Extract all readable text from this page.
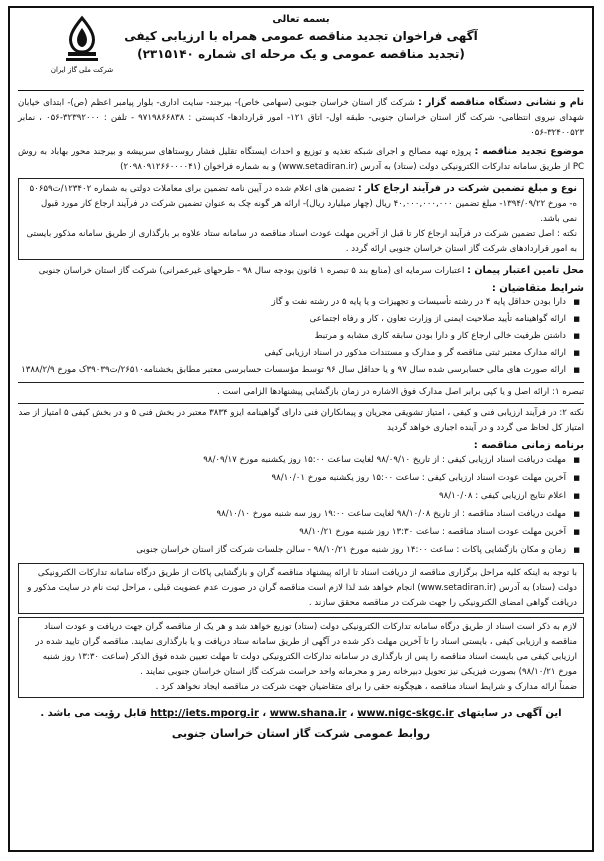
شرکت ملی گاز ایران
بسمه تعالی
آگهی فراخوان تجدید مناقصه عمومی همراه با ارزیابی کیفی
(تجدید مناقصه عمومی و یک مرحله ای شماره ۲۳۱۵۱۴۰)

نام و نشانی دستگاه مناقصه گزار : شرکت گاز استان خراسان جنوبی (سهامی خاص)- بیرجند- سایت اداری- بلوار پیامبر اعظم (ص)- ابتدای خیابان شهدای نیروی انتظامی- شرکت گاز استان خراسان جنوبی- طبقه اول- اتاق ۱۲۱- امور قراردادها- کدپستی : ۹۷۱۹۸۶۶۸۳۸ - تلفن : ۳۲۳۹۲۰۰۰-۰۵۶ ، نمابر ۳۲۴۰۰۵۲۳-۰۵۶

موضوع تجدید مناقصه : پروژه تهیه مصالح و اجرای شبکه تغذیه و توزیع و احداث ایستگاه تقلیل فشار روستاهای سربیشه و بیرجند محور بهاباد به روش PC از طریق سامانه تدارکات الکترونیکی دولت (ستاد) به آدرس (www.setadiran.ir) و به شماره فراخوان (۲۰۹۸۰۹۱۲۶۶۰۰۰۰۴۱)

نوع و مبلغ تضمین شرکت در فرآیند ارجاع کار : تضمین های اعلام شده در آیین نامه تضمین برای معاملات دولتی به شماره ۱۲۳۴۰۲/ت۵۰۶۵۹ ه- مورخ ۱۳۹۴/۰۹/۲۲- مبلغ تضمین ۴۰,۰۰۰,۰۰۰,۰۰۰ ریال (چهار میلیارد ریال)- ارائه هر گونه چک به عنوان تضمین شرکت در فرآیند ارجاع کار مورد قبول نمی باشد.

نکته : اصل تضمین شرکت در فرآیند ارجاع کار تا قبل از آخرین مهلت عودت اسناد مناقصه در سامانه ستاد علاوه بر بارگذاری از طریق سامانه مذکور بایستی به امور قراردادهای شرکت گاز استان خراسان جنوبی ارائه گردد .

محل تامین اعتبار پیمان : اعتبارات سرمایه ای (منابع بند ۵ تبصره ۱ قانون بودجه سال ۹۸ - طرحهای غیرعمرانی) شرکت گاز استان خراسان جنوبی

شرایط متقاضیان :
■ دارا بودن حداقل پایه ۴ در رشته تأسیسات و تجهیزات و یا پایه ۵ در رشته نفت و گاز
■ ارائه گواهینامه تأیید صلاحیت ایمنی از وزارت تعاون ، کار و رفاه اجتماعی
■ داشتن ظرفیت خالی ارجاع کار و دارا بودن سابقه کاری مشابه و مرتبط
■ ارائه مدارک معتبر ثبتی مناقصه گر و مدارک و مستندات مذکور در اسناد ارزیابی کیفی
■ ارائه صورت های مالی حسابرسی شده سال ۹۷ و یا حداقل سال ۹۶ توسط مؤسسات حسابرسی معتبر مطابق بخشنامه۲۶۵۱۰/ت۳۹۰۳۹ک مورخ ۱۳۸۸/۲/۹

تبصره ۱: ارائه اصل و یا کپی برابر اصل مدارک فوق الاشاره در زمان بازگشایی پیشنهادها الزامی است .

نکته ۲: در فرآیند ارزیابی فنی و کیفی ، امتیاز تشویقی مجریان و پیمانکاران فنی دارای گواهینامه ایزو ۳۸۳۴ معتبر در بخش فنی ۵ و در بخش کیفی ۵ امتیاز از صد امتیاز کل لحاظ می گردد و در آینده اجباری خواهد گردید

برنامه زمانی مناقصه :
■ مهلت دریافت اسناد ارزیابی کیفی : از تاریخ ۹۸/۰۹/۱۰ لغایت ساعت ۱۵:۰۰ روز یکشنبه مورخ ۹۸/۰۹/۱۷
■ آخرین مهلت عودت اسناد ارزیابی کیفی : ساعت ۱۵:۰۰ روز یکشنبه مورخ ۹۸/۱۰/۰۱
■ اعلام نتایج ارزیابی کیفی : ۹۸/۱۰/۰۸
■ مهلت دریافت اسناد مناقصه : از تاریخ ۹۸/۱۰/۰۸ لغایت ساعت ۱۹:۰۰ روز سه شنبه مورخ ۹۸/۱۰/۱۰
■ آخرین مهلت عودت اسناد مناقصه : ساعت ۱۳:۳۰ روز شنبه مورخ ۹۸/۱۰/۲۱
■ زمان و مکان بازگشایی پاکات : ساعت ۱۴:۰۰ روز شنبه مورخ ۹۸/۱۰/۲۱ - سالن جلسات شرکت گاز استان خراسان جنوبی

با توجه به اینکه کلیه مراحل برگزاری مناقصه از دریافت اسناد تا ارائه پیشنهاد مناقصه گران و بازگشایی پاکات از طریق درگاه سامانه تدارکات الکترونیکی دولت (ستاد) به آدرس (www.setadiran.ir) انجام خواهد شد لذا لازم است مناقصه گران در صورت عدم عضویت قبلی ، مراحل ثبت نام در سایت مذکور و دریافت گواهی امضای الکترونیکی را جهت شرکت در مناقصه محقق سازند .

لازم به ذکر است اسناد از طریق درگاه سامانه تدارکات الکترونیکی دولت (ستاد) توزیع خواهد شد و هر یک از مناقصه گران جهت دریافت و عودت اسناد مناقصه و ارزیابی کیفی ، بایستی اسناد را تا آخرین مهلت ذکر شده در آگهی از طریق سامانه ستاد دریافت و یا بارگذاری نمایند. مناقصه گران تایید شده در ارزیابی کیفی می بایست اسناد مناقصه را پس از بارگذاری در سامانه تدارکات الکترونیکی دولت تا مهلت تعیین شده فوق الذکر (ساعت ۱۳:۳۰ روز شنبه مورخ ۹۸/۱۰/۲۱) بصورت فیزیکی نیز تحویل دبیرخانه رمز و محرمانه واحد حراست شرکت گاز استان خراسان جنوبی نمایند .

ضمناً ارائه مدارک و شرایط اسناد مناقصه ، هیچگونه حقی را برای متقاضیان جهت شرکت در مناقصه ایجاد نخواهد کرد .

این آگهی در سایتهای http://iets.mporg.ir ، www.shana.ir ، www.nigc-skgc.ir قابل رؤیت می باشد .
روابط عمومی شرکت گاز استان خراسان جنوبی
